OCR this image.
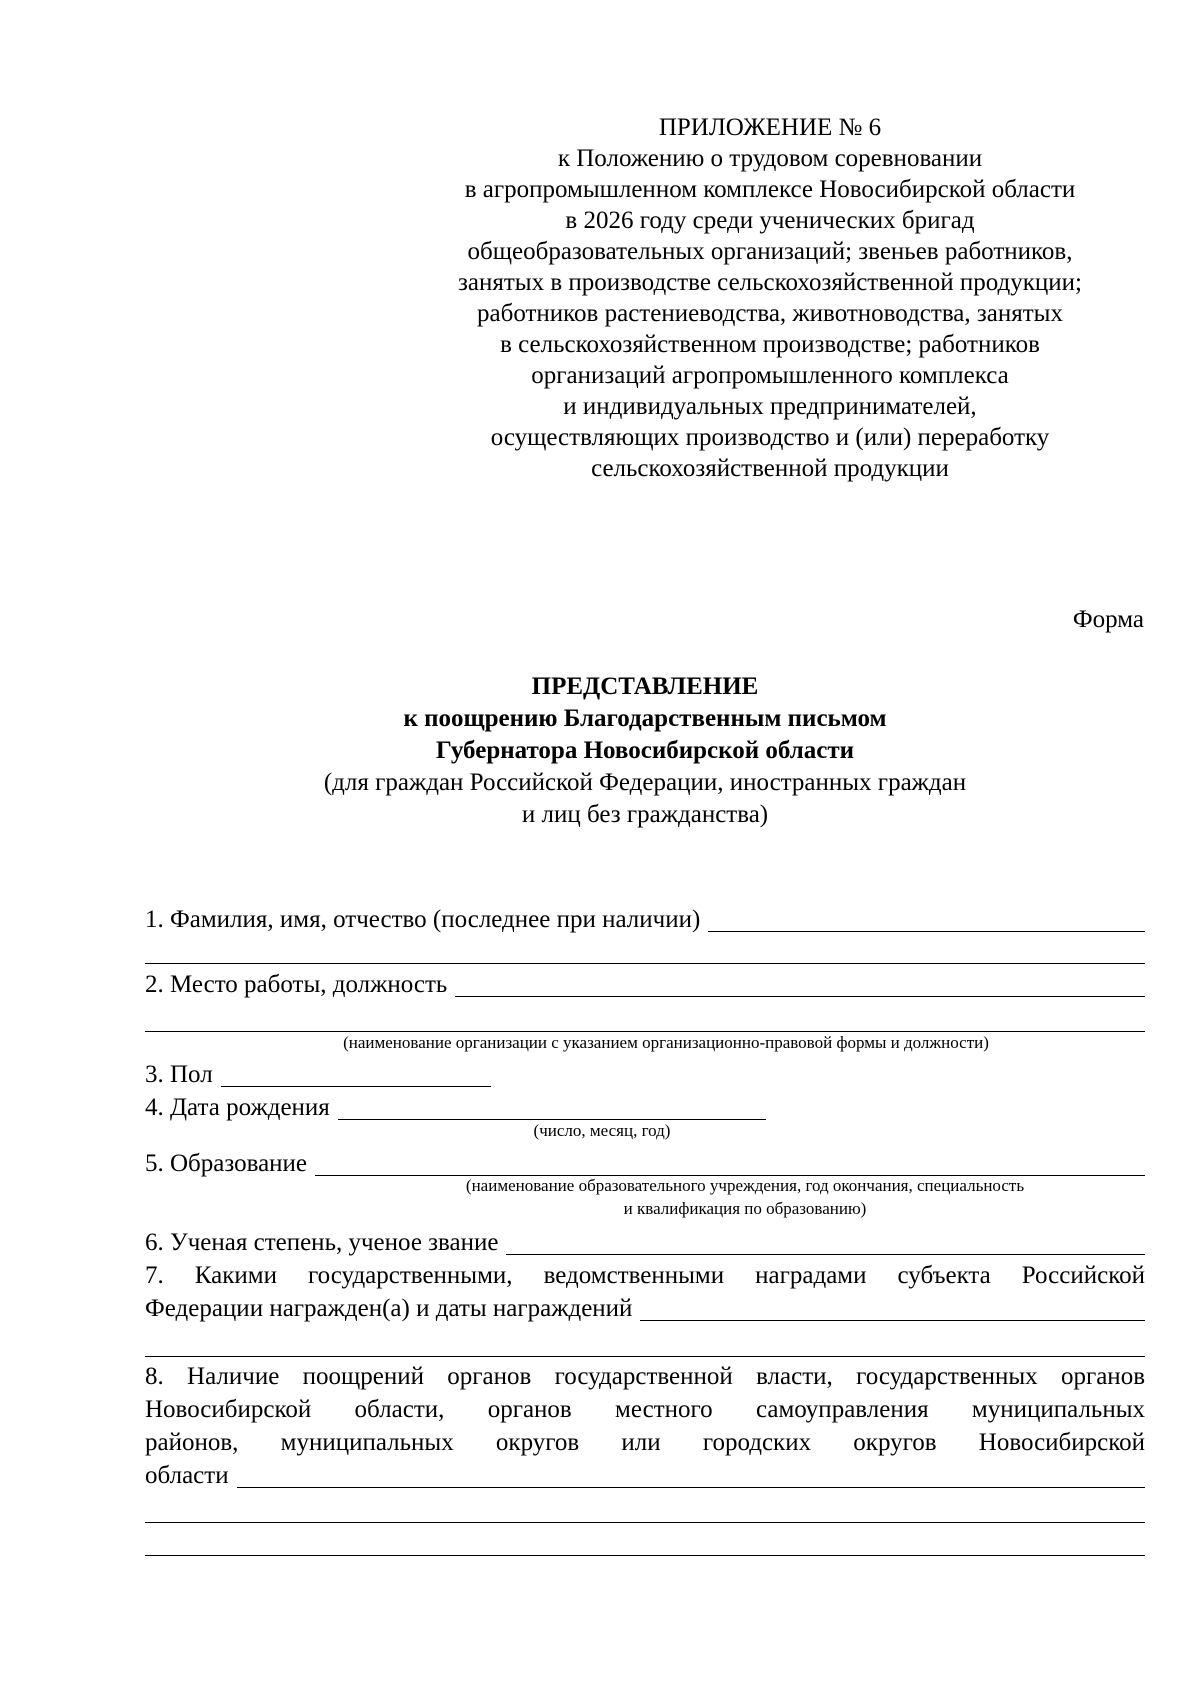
ПРИЛОЖЕНИЕ № 6
к Положению о трудовом соревновании
в агропромышленном комплексе Новосибирской области
в 2026 году среди ученических бригад
общеобразовательных организаций; звеньев работников,
занятых в производстве сельскохозяйственной продукции;
работников растениеводства, животноводства, занятых
в сельскохозяйственном производстве; работников
организаций агропромышленного комплекса
и индивидуальных предпринимателей,
осуществляющих производство и (или) переработку
сельскохозяйственной продукции
Форма
ПРЕДСТАВЛЕНИЕ
к поощрению Благодарственным письмом
Губернатора Новосибирской области
(для граждан Российской Федерации, иностранных граждан
и лиц без гражданства)
1. Фамилия, имя, отчество (последнее при наличии)
2. Место работы, должность
(наименование организации с указанием организационно-правовой формы и должности)
3. Пол
4. Дата рождения
(число, месяц, год)
5. Образование
(наименование образовательного учреждения, год окончания, специальность
и квалификация по образованию)
6. Ученая степень, ученое звание
7. Какими государственными, ведомственными наградами субъекта Российской
Федерации награжден(а) и даты награждений
8. Наличие поощрений органов государственной власти, государственных органов
Новосибирской области, органов местного самоуправления муниципальных
районов, муниципальных округов или городских округов Новосибирской
области
